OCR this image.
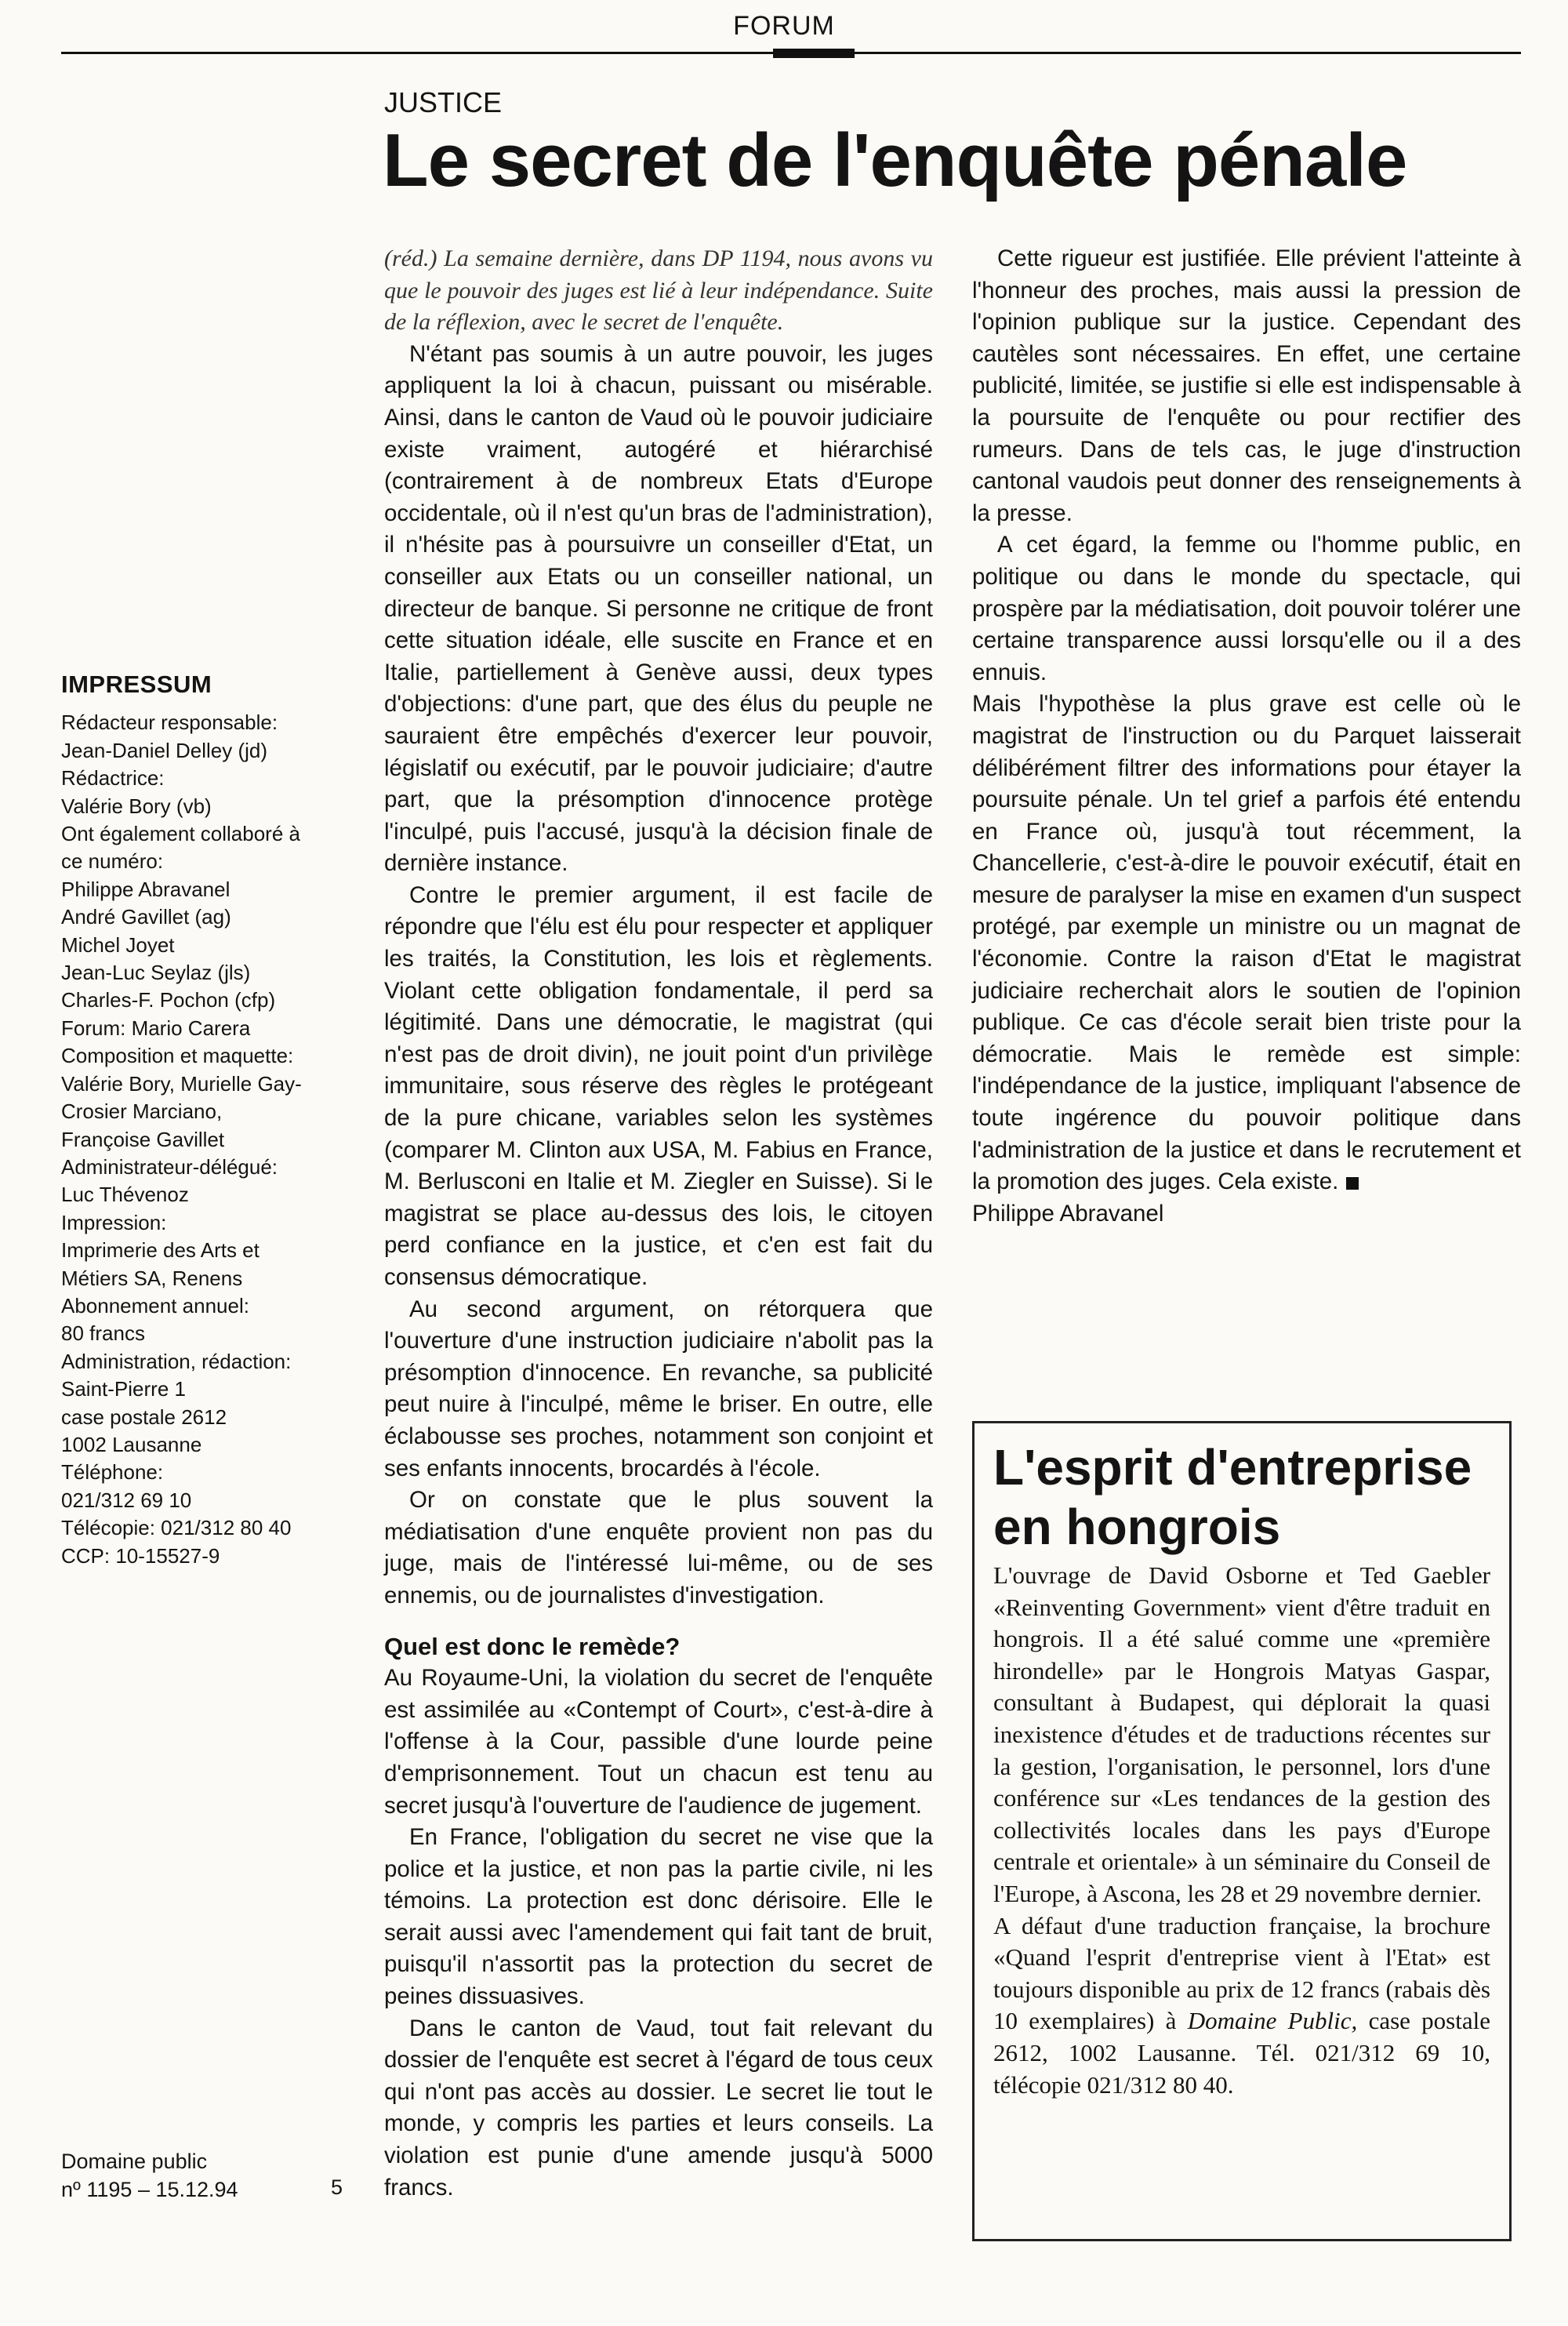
FORUM
JUSTICE
Le secret de l'enquête pénale

(réd.) La semaine dernière, dans DP 1194, nous avons vu que le pouvoir des juges est lié à leur indépendance. Suite de la réflexion, avec le secret de l'enquête.

N'étant pas soumis à un autre pouvoir, les juges appliquent la loi à chacun, puissant ou misérable. Ainsi, dans le canton de Vaud où le pouvoir judiciaire existe vraiment, autogéré et hiérarchisé (contrairement à de nombreux Etats d'Europe occidentale, où il n'est qu'un bras de l'administration), il n'hésite pas à poursuivre un conseiller d'Etat, un conseiller aux Etats ou un conseiller national, un directeur de banque. Si personne ne critique de front cette situation idéale, elle suscite en France et en Italie, partiellement à Genève aussi, deux types d'objections: d'une part, que des élus du peuple ne sauraient être empêchés d'exercer leur pouvoir, législatif ou exécutif, par le pouvoir judiciaire; d'autre part, que la présomption d'innocence protège l'inculpé, puis l'accusé, jusqu'à la décision finale de dernière instance.

Contre le premier argument, il est facile de répondre que l'élu est élu pour respecter et appliquer les traités, la Constitution, les lois et règlements. Violant cette obligation fondamentale, il perd sa légitimité. Dans une démocratie, le magistrat (qui n'est pas de droit divin), ne jouit point d'un privilège immunitaire, sous réserve des règles le protégeant de la pure chicane, variables selon les systèmes (comparer M. Clinton aux USA, M. Fabius en France, M. Berlusconi en Italie et M. Ziegler en Suisse). Si le magistrat se place au-dessus des lois, le citoyen perd confiance en la justice, et c'en est fait du consensus démocratique.

Au second argument, on rétorquera que l'ouverture d'une instruction judiciaire n'abolit pas la présomption d'innocence. En revanche, sa publicité peut nuire à l'inculpé, même le briser. En outre, elle éclabousse ses proches, notamment son conjoint et ses enfants innocents, brocardés à l'école.

Or on constate que le plus souvent la médiatisation d'une enquête provient non pas du juge, mais de l'intéressé lui-même, ou de ses ennemis, ou de journalistes d'investigation.

Quel est donc le remède?

Au Royaume-Uni, la violation du secret de l'enquête est assimilée au «Contempt of Court», c'est-à-dire à l'offense à la Cour, passible d'une lourde peine d'emprisonnement. Tout un chacun est tenu au secret jusqu'à l'ouverture de l'audience de jugement.

En France, l'obligation du secret ne vise que la police et la justice, et non pas la partie civile, ni les témoins. La protection est donc dérisoire. Elle le serait aussi avec l'amendement qui fait tant de bruit, puisqu'il n'assortit pas la protection du secret de peines dissuasives.

Dans le canton de Vaud, tout fait relevant du dossier de l'enquête est secret à l'égard de tous ceux qui n'ont pas accès au dossier. Le secret lie tout le monde, y compris les parties et leurs conseils. La violation est punie d'une amende jusqu'à 5000 francs.

Cette rigueur est justifiée. Elle prévient l'atteinte à l'honneur des proches, mais aussi la pression de l'opinion publique sur la justice. Cependant des cautèles sont nécessaires. En effet, une certaine publicité, limitée, se justifie si elle est indispensable à la poursuite de l'enquête ou pour rectifier des rumeurs. Dans de tels cas, le juge d'instruction cantonal vaudois peut donner des renseignements à la presse.

A cet égard, la femme ou l'homme public, en politique ou dans le monde du spectacle, qui prospère par la médiatisation, doit pouvoir tolérer une certaine transparence aussi lorsqu'elle ou il a des ennuis.

Mais l'hypothèse la plus grave est celle où le magistrat de l'instruction ou du Parquet laisserait délibérément filtrer des informations pour étayer la poursuite pénale. Un tel grief a parfois été entendu en France où, jusqu'à tout récemment, la Chancellerie, c'est-à-dire le pouvoir exécutif, était en mesure de paralyser la mise en examen d'un suspect protégé, par exemple un ministre ou un magnat de l'économie. Contre la raison d'Etat le magistrat judiciaire recherchait alors le soutien de l'opinion publique. Ce cas d'école serait bien triste pour la démocratie. Mais le remède est simple: l'indépendance de la justice, impliquant l'absence de toute ingérence du pouvoir politique dans l'administration de la justice et dans le recrutement et la promotion des juges. Cela existe.

Philippe Abravanel

IMPRESSUM
Rédacteur responsable:
Jean-Daniel Delley (jd)
Rédactrice:
Valérie Bory (vb)
Ont également collaboré à
ce numéro:
Philippe Abravanel
André Gavillet (ag)
Michel Joyet
Jean-Luc Seylaz (jls)
Charles-F. Pochon (cfp)
Forum: Mario Carera
Composition et maquette:
Valérie Bory, Murielle Gay-
Crosier Marciano,
Françoise Gavillet
Administrateur-délégué:
Luc Thévenoz
Impression:
Imprimerie des Arts et
Métiers SA, Renens
Abonnement annuel:
80 francs
Administration, rédaction:
Saint-Pierre 1
case postale 2612
1002 Lausanne
Téléphone:
021/312 69 10
Télécopie: 021/312 80 40
CCP: 10-15527-9
Domaine public
nº 1195 – 15.12.94	5
L'esprit d'entreprise
en hongrois

L'ouvrage de David Osborne et Ted Gaebler «Reinventing Government» vient d'être traduit en hongrois. Il a été salué comme une «première hirondelle» par le Hongrois Matyas Gaspar, consultant à Budapest, qui déplorait la quasi inexistence d'études et de traductions récentes sur la gestion, l'organisation, le personnel, lors d'une conférence sur «Les tendances de la gestion des collectivités locales dans les pays d'Europe centrale et orientale» à un séminaire du Conseil de l'Europe, à Ascona, les 28 et 29 novembre dernier.

A défaut d'une traduction française, la brochure «Quand l'esprit d'entreprise vient à l'Etat» est toujours disponible au prix de 12 francs (rabais dès 10 exemplaires) à Domaine Public, case postale 2612, 1002 Lausanne. Tél. 021/312 69 10, télécopie 021/312 80 40.
